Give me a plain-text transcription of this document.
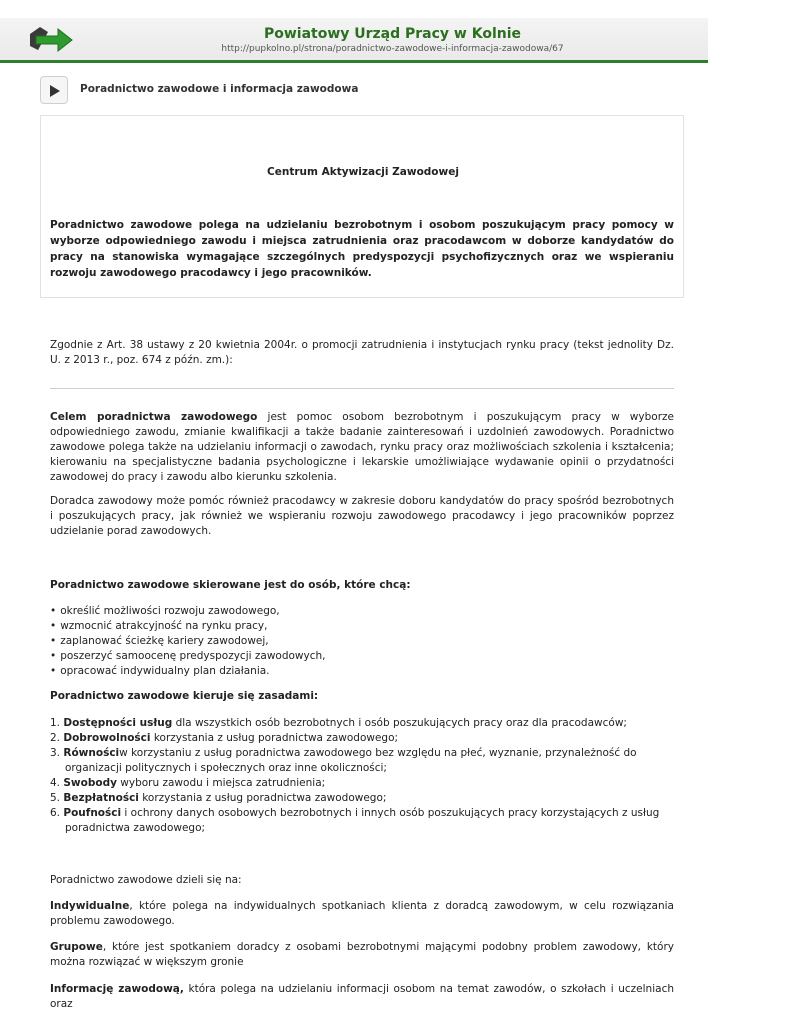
Powiatowy Urząd Pracy w Kolnie
http://pupkolno.pl/strona/poradnictwo-zawodowe-i-informacja-zawodowa/67
Poradnictwo zawodowe i informacja zawodowa
Centrum Aktywizacji Zawodowej
Poradnictwo zawodowe polega na udzielaniu bezrobotnym i osobom poszukującym pracy pomocy w wyborze odpowiedniego zawodu i miejsca zatrudnienia oraz pracodawcom w doborze kandydatów do pracy na stanowiska wymagające szczególnych predyspozycji psychofizycznych oraz we wspieraniu rozwoju zawodowego pracodawcy i jego pracowników.

Zgodnie z Art. 38 ustawy z 20 kwietnia 2004r. o promocji zatrudnienia i instytucjach rynku pracy (tekst jednolity Dz. U. z 2013 r., poz. 674 z późn. zm.):

Celem poradnictwa zawodowego jest pomoc osobom bezrobotnym i poszukującym pracy w wyborze odpowiedniego zawodu, zmianie kwalifikacji a także badanie zainteresowań i uzdolnień zawodowych. Poradnictwo zawodowe polega także na udzielaniu informacji o zawodach, rynku pracy oraz możliwościach szkolenia i kształcenia; kierowaniu na specjalistyczne badania psychologiczne i lekarskie umożliwiające wydawanie opinii o przydatności zawodowej do pracy i zawodu albo kierunku szkolenia.

Doradca zawodowy może pomóc również pracodawcy w zakresie doboru kandydatów do pracy spośród bezrobotnych i poszukujących pracy, jak również we wspieraniu rozwoju zawodowego pracodawcy i jego pracowników poprzez udzielanie porad zawodowych.

Poradnictwo zawodowe skierowane jest do osób, które chcą:

• określić możliwości rozwoju zawodowego,
• wzmocnić atrakcyjność na rynku pracy,
• zaplanować ścieżkę kariery zawodowej,
• poszerzyć samoocenę predyspozycji zawodowych,
• opracować indywidualny plan działania.

Poradnictwo zawodowe kieruje się zasadami:

1. Dostępności usług dla wszystkich osób bezrobotnych i osób poszukujących pracy oraz dla pracodawców;
2. Dobrowolności korzystania z usług poradnictwa zawodowego;
3. Równościw korzystaniu z usług poradnictwa zawodowego bez względu na płeć, wyznanie, przynależność do organizacji politycznych i społecznych oraz inne okoliczności;
4. Swobody wyboru zawodu i miejsca zatrudnienia;
5. Bezpłatności korzystania z usług poradnictwa zawodowego;
6. Poufności i ochrony danych osobowych bezrobotnych i innych osób poszukujących pracy korzystających z usług poradnictwa zawodowego;

Poradnictwo zawodowe dzieli się na:

Indywidualne, które polega na indywidualnych spotkaniach klienta z doradcą zawodowym, w celu rozwiązania problemu zawodowego.

Grupowe, które jest spotkaniem doradcy z osobami bezrobotnymi mającymi podobny problem zawodowy, który można rozwiązać w większym gronie

Informację zawodową, która polega na udzielaniu informacji osobom na temat zawodów, o szkołach i uczelniach oraz
